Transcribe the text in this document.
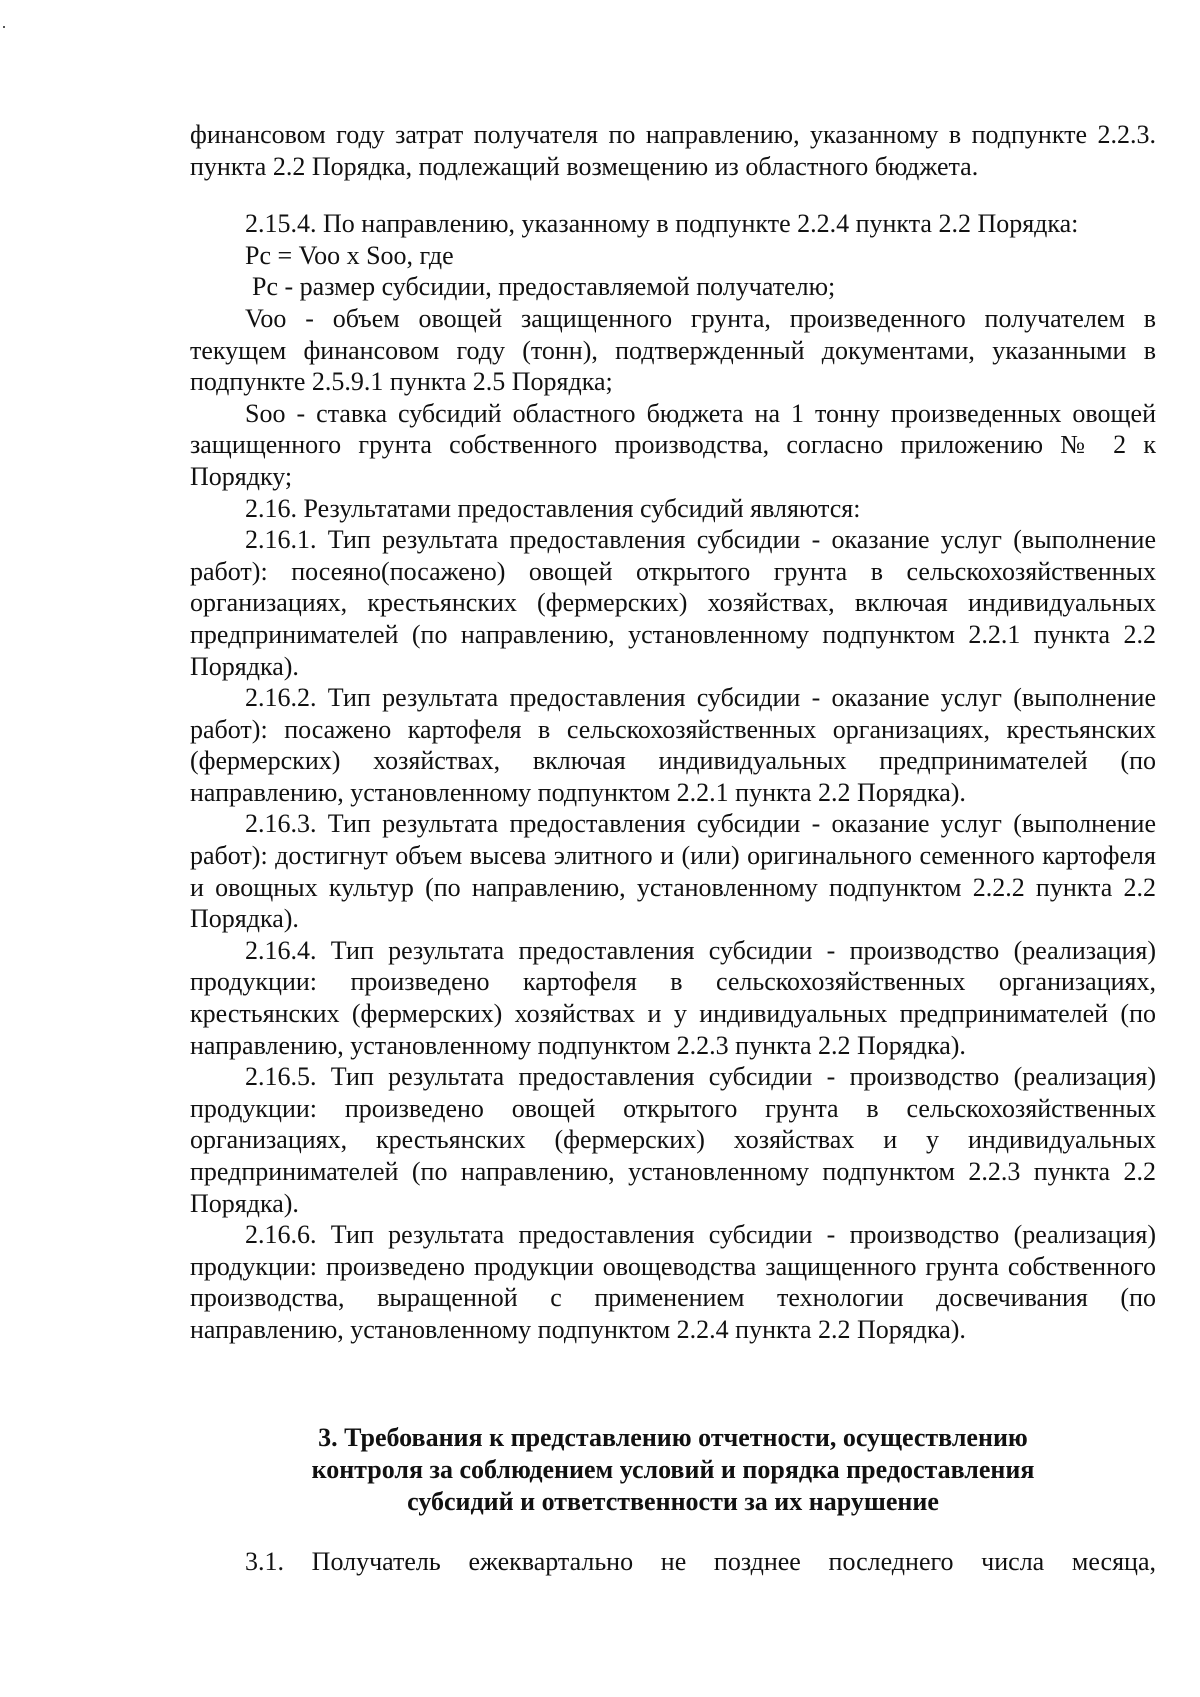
финансовом году затрат получателя по направлению, указанному в подпункте 2.2.3. пункта 2.2 Порядка, подлежащий возмещению из областного бюджета.

2.15.4. По направлению, указанному в подпункте 2.2.4 пункта 2.2 Порядка:

Рс = Voo x Soo, где

Рс - размер субсидии, предоставляемой получателю;

Voo - объем овощей защищенного грунта, произведенного получателем в текущем финансовом году (тонн), подтвержденный документами, указанными в подпункте 2.5.9.1 пункта 2.5 Порядка;

Soo - ставка субсидий областного бюджета на 1 тонну произведенных овощей защищенного грунта собственного производства, согласно приложению № 2 к Порядку;

2.16. Результатами предоставления субсидий являются:

2.16.1. Тип результата предоставления субсидии - оказание услуг (выполнение работ): посеяно(посажено) овощей открытого грунта в сельскохозяйственных организациях, крестьянских (фермерских) хозяйствах, включая индивидуальных предпринимателей (по направлению, установленному подпунктом 2.2.1 пункта 2.2 Порядка).

2.16.2. Тип результата предоставления субсидии - оказание услуг (выполнение работ): посажено картофеля в сельскохозяйственных организациях, крестьянских (фермерских) хозяйствах, включая индивидуальных предпринимателей (по направлению, установленному подпунктом 2.2.1 пункта 2.2 Порядка).

2.16.3. Тип результата предоставления субсидии - оказание услуг (выполнение работ): достигнут объем высева элитного и (или) оригинального семенного картофеля и овощных культур (по направлению, установленному подпунктом 2.2.2 пункта 2.2 Порядка).

2.16.4. Тип результата предоставления субсидии - производство (реализация) продукции: произведено картофеля в сельскохозяйственных организациях, крестьянских (фермерских) хозяйствах и у индивидуальных предпринимателей (по направлению, установленному подпунктом 2.2.3 пункта 2.2 Порядка).

2.16.5. Тип результата предоставления субсидии - производство (реализация) продукции: произведено овощей открытого грунта в сельскохозяйственных организациях, крестьянских (фермерских) хозяйствах и у индивидуальных предпринимателей (по направлению, установленному подпунктом 2.2.3 пункта 2.2 Порядка).

2.16.6. Тип результата предоставления субсидии - производство (реализация) продукции: произведено продукции овощеводства защищенного грунта собственного производства, выращенной с применением технологии досвечивания (по направлению, установленному подпунктом 2.2.4 пункта 2.2 Порядка).

3. Требования к представлению отчетности, осуществлению
контроля за соблюдением условий и порядка предоставления
субсидий и ответственности за их нарушение

3.1. Получатель ежеквартально не позднее последнего числа месяца,
